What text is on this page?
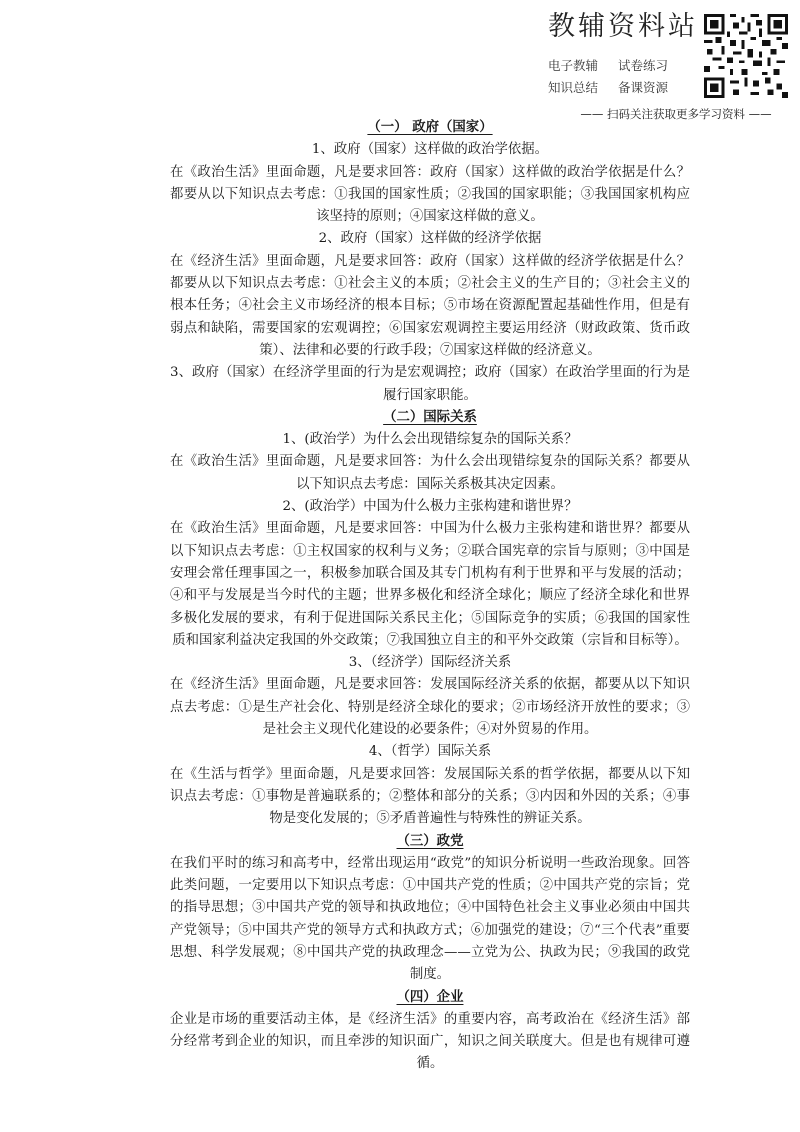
教辅资料站
电子教辅	试卷练习
知识总结	备课资源
—— 扫码关注获取更多学习资料 ——

（一） 政府（国家）

1、政府（国家）这样做的政治学依据。

在《政治生活》里面命题，凡是要求回答：政府（国家）这样做的政治学依据是什么？都要从以下知识点去考虑：①我国的国家性质；②我国的国家职能；③我国国家机构应该坚持的原则；④国家这样做的意义。

2、政府（国家）这样做的经济学依据

在《经济生活》里面命题，凡是要求回答：政府（国家）这样做的经济学依据是什么？都要从以下知识点去考虑：①社会主义的本质；②社会主义的生产目的；③社会主义的根本任务；④社会主义市场经济的根本目标；⑤市场在资源配置起基础性作用，但是有弱点和缺陷，需要国家的宏观调控；⑥国家宏观调控主要运用经济（财政政策、货币政策）、法律和必要的行政手段；⑦国家这样做的经济意义。

3、政府（国家）在经济学里面的行为是宏观调控；政府（国家）在政治学里面的行为是履行国家职能。

（二）国际关系

1、(政治学）为什么会出现错综复杂的国际关系？

在《政治生活》里面命题，凡是要求回答：为什么会出现错综复杂的国际关系？都要从以下知识点去考虑：国际关系极其决定因素。

2、(政治学）中国为什么极力主张构建和谐世界？

在《政治生活》里面命题，凡是要求回答：中国为什么极力主张构建和谐世界？都要从以下知识点去考虑：①主权国家的权利与义务；②联合国宪章的宗旨与原则；③中国是安理会常任理事国之一，积极参加联合国及其专门机构有利于世界和平与发展的活动；④和平与发展是当今时代的主题；世界多极化和经济全球化；顺应了经济全球化和世界多极化发展的要求，有利于促进国际关系民主化；⑤国际竞争的实质；⑥我国的国家性质和国家利益决定我国的外交政策；⑦我国独立自主的和平外交政策（宗旨和目标等）。

3、（经济学）国际经济关系

在《经济生活》里面命题，凡是要求回答：发展国际经济关系的依据，都要从以下知识点去考虑：①是生产社会化、特别是经济全球化的要求；②市场经济开放性的要求；③是社会主义现代化建设的必要条件；④对外贸易的作用。

4、（哲学）国际关系

在《生活与哲学》里面命题，凡是要求回答：发展国际关系的哲学依据，都要从以下知识点去考虑：①事物是普遍联系的；②整体和部分的关系；③内因和外因的关系；④事物是变化发展的；⑤矛盾普遍性与特殊性的辨证关系。

（三）政党

在我们平时的练习和高考中，经常出现运用“政党”的知识分析说明一些政治现象。回答此类问题，一定要用以下知识点考虑：①中国共产党的性质；②中国共产党的宗旨；党的指导思想；③中国共产党的领导和执政地位；④中国特色社会主义事业必须由中国共产党领导；⑤中国共产党的领导方式和执政方式；⑥加强党的建设；⑦“三个代表”重要思想、科学发展观；⑧中国共产党的执政理念——立党为公、执政为民；⑨我国的政党制度。

（四）企业

企业是市场的重要活动主体，是《经济生活》的重要内容，高考政治在《经济生活》部分经常考到企业的知识，而且牵涉的知识面广，知识之间关联度大。但是也有规律可遵循。
